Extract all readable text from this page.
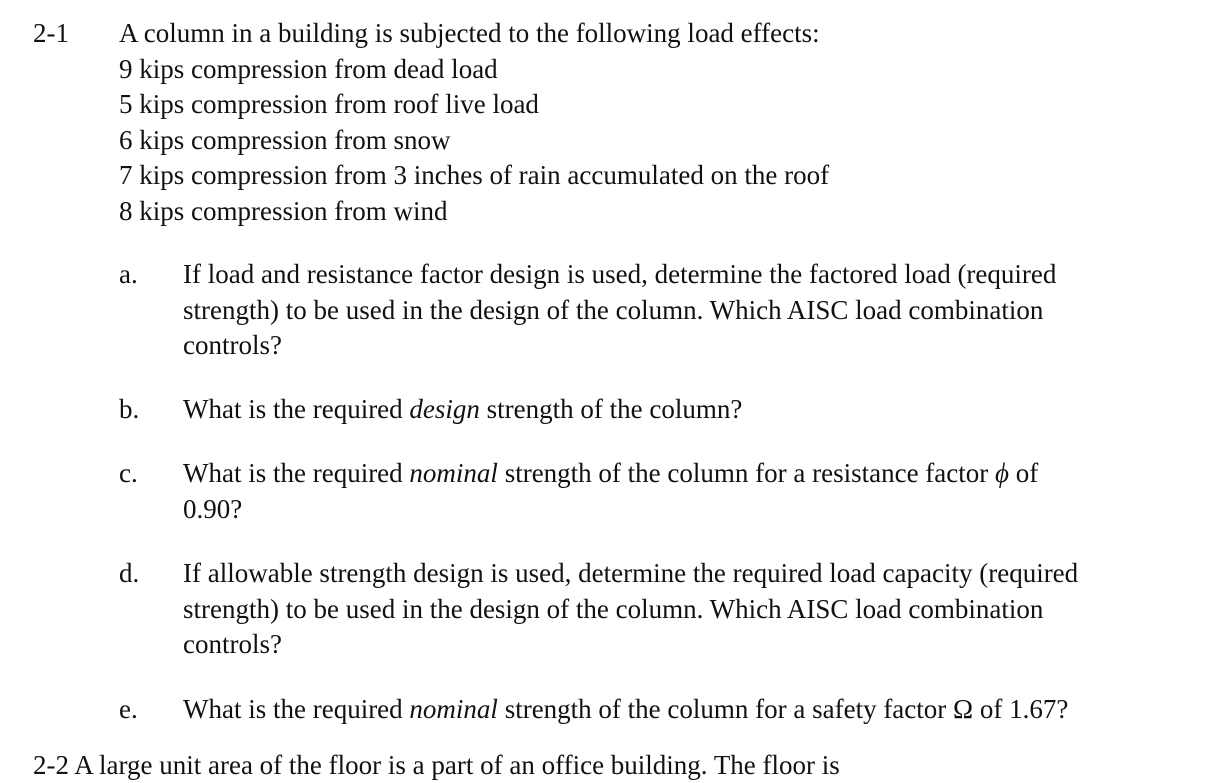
2-1 A column in a building is subjected to the following load effects:
9 kips compression from dead load
5 kips compression from roof live load
6 kips compression from snow
7 kips compression from 3 inches of rain accumulated on the roof
8 kips compression from wind
a. If load and resistance factor design is used, determine the factored load (required
strength) to be used in the design of the column. Which AISC load combination
controls?
b. What is the required design strength of the column?
c. What is the required nominal strength of the column for a resistance factor ϕ of
0.90?
d. If allowable strength design is used, determine the required load capacity (required
strength) to be used in the design of the column. Which AISC load combination
controls?
e. What is the required nominal strength of the column for a safety factor Ω of 1.67?
2-2 A large unit area of the floor is a part of an office building. The floor is
